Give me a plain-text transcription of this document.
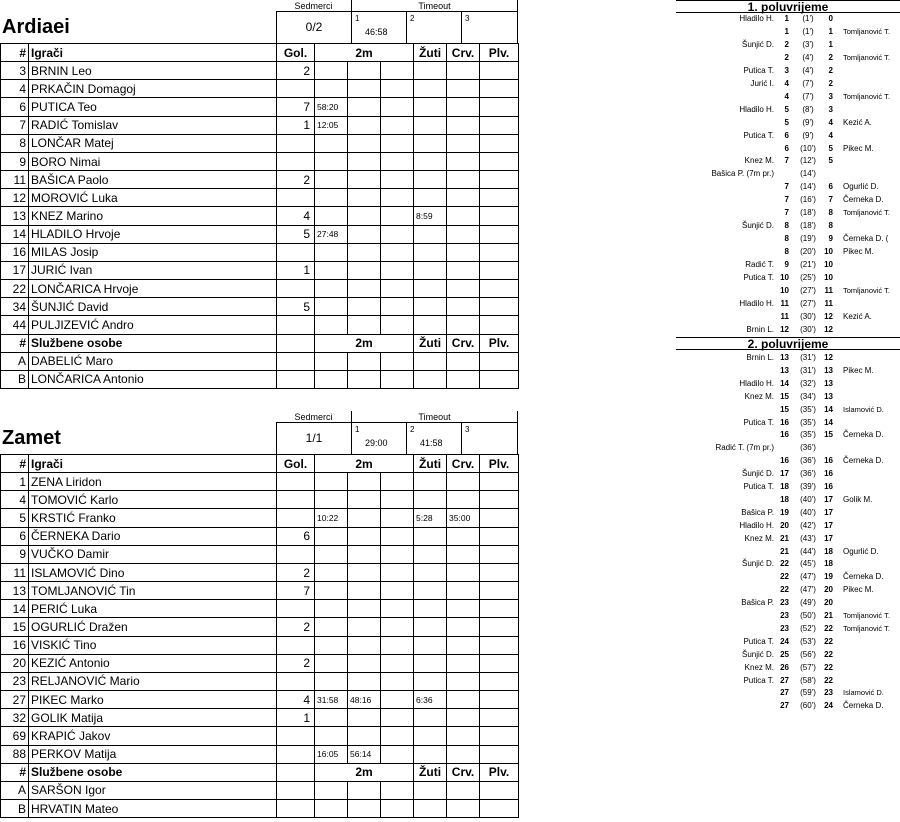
Sedmerci	Timeout
Ardiaei	0/2
1
46:58
2	3
#	Igrači	Gol.	2m			Žuti	Crv.	Plv.
3	BRNIN Leo	2						
4	PRKAČIN Domagoj							
6	PUTICA Teo	7	58:20					
7	RADIĆ Tomislav	1	12:05					
8	LONČAR Matej							
9	BORO Nimai							
11	BAŠICA Paolo	2						
12	MOROVIĆ Luka							
13	KNEZ Marino	4				8:59		
14	HLADILO Hrvoje	5	27:48					
16	MILAS Josip							
17	JURIĆ Ivan	1						
22	LONČARICA Hrvoje							
34	ŠUNJIĆ David	5						
44	PULJIZEVIĆ Andro							
#	Službene osobe		2m			Žuti	Crv.	Plv.
A	DABELIĆ Maro							
B	LONČARICA Antonio							
Sedmerci	Timeout
Zamet	1/1
1
29:00
2
41:58
3
#	Igrači	Gol.	2m			Žuti	Crv.	Plv.
1	ZENA Liridon							
4	TOMOVIĆ Karlo							
5	KRSTIĆ Franko		10:22			5:28	35:00	
6	ČERNEKA Dario	6						
9	VUČKO Damir							
11	ISLAMOVIĆ Dino	2						
13	TOMLJANOVIĆ Tin	7						
14	PERIĆ Luka							
15	OGURLIĆ Dražen	2						
16	VISKIĆ Tino							
20	KEZIĆ Antonio	2						
23	RELJANOVIĆ Mario							
27	PIKEC Marko	4	31:58	48:16		6:36		
32	GOLIK Matija	1						
69	KRAPIĆ Jakov							
88	PERKOV Matija		16:05	56:14				
#	Službene osobe		2m			Žuti	Crv.	Plv.
A	SARŠON Igor							
B	HRVATIN Mateo							
1. poluvrijeme
Hladilo H.	1	(1')	0
1	(1')	1 Tomljanović T.
Šunjić D.	2	(3')	1
2	(4')	2 Tomljanović T.
Putica T.	3	(4')	2
Jurić I.	4	(7')	2
4	(7')	3 Tomljanović T.
Hladilo H.	5	(8')	3
5	(9')	4 Kezić A.
Putica T.	6	(9')	4
6	(10')	5 Pikec M.
Knez M.	7	(12')	5
Bašica P. (7m pr.)	(14')
7	(14')	6 Ogurlić D.
7	(16')	7 Černeka D.
7	(18')	8 Tomljanović T.
Šunjić D.	8	(18')	8
8	(19')	9 Černeka D. (
8	(20')	10 Pikec M.
Radić T.	9	(21')	10
Putica T. 10	(25')	10
10	(27')	11 Tomljanović T.
Hladilo H. 11	(27')	11
11	(30')	12 Kezić A.
Brnin L. 12	(30')	12
2. poluvrijeme
Brnin L. 13	(31')	12
13	(31')	13 Pikec M.
Hladilo H. 14	(32')	13
Knez M. 15	(34')	13
15	(35')	14 Islamović D.
Putica T. 16	(35')	14
16	(35')	15 Černeka D.
Radić T. (7m pr.)	(36')
16	(36')	16 Černeka D.
Šunjić D. 17	(36')	16
Putica T. 18	(39')	16
18	(40')	17 Golik M.
Bašica P. 19	(40')	17
Hladilo H. 20	(42')	17
Knez M. 21	(43')	17
21	(44')	18 Ogurlić D.
Šunjić D. 22	(45')	18
22	(47')	19 Černeka D.
22	(47')	20 Pikec M.
Bašica P. 23	(49')	20
23	(50')	21 Tomljanović T.
23	(52')	22 Tomljanović T.
Putica T. 24	(53')	22
Šunjić D. 25	(56')	22
Knez M. 26	(57')	22
Putica T. 27	(58')	22
27	(59')	23 Islamović D.
27	(60')	24 Černeka D.
